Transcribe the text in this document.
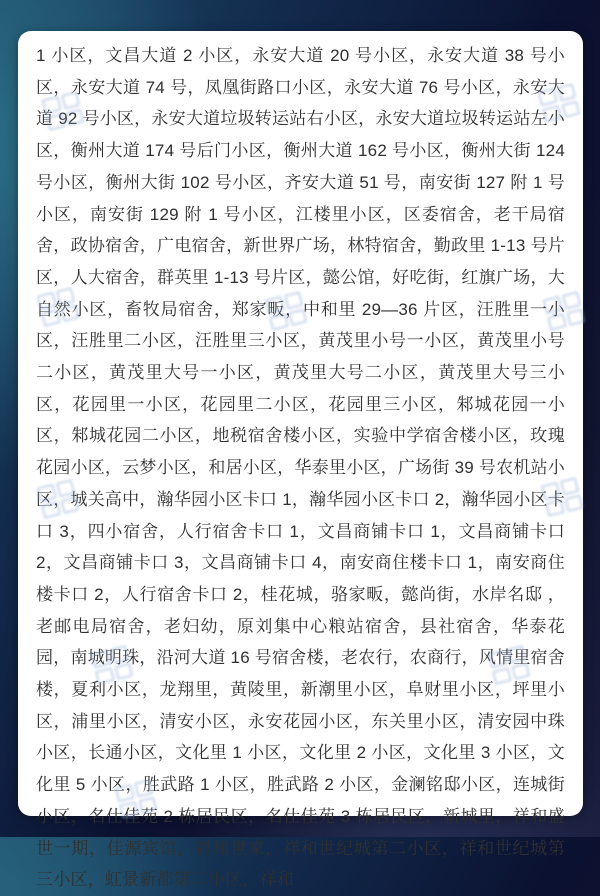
1 小区，文昌大道 2 小区，永安大道 20 号小区，永安大道 38 号小区，永安大道 74 号，凤凰街路口小区，永安大道 76 号小区，永安大道 92 号小区，永安大道垃圾转运站右小区，永安大道垃圾转运站左小区，衡州大道 174 号后门小区，衡州大道 162 号小区，衡州大街 124 号小区，衡州大街 102 号小区，齐安大道 51 号，南安街 127 附 1 号小区，南安街 129 附 1 号小区，江楼里小区，区委宿舍，老干局宿舍，政协宿舍，广电宿舍，新世界广场，林特宿舍，勤政里 1-13 号片区，人大宿舍，群英里 1-13 号片区，懿公馆，好吃街，红旗广场，大自然小区，畜牧局宿舍，郑家畈，中和里 29—36 片区，汪胜里一小区，汪胜里二小区，汪胜里三小区，黄茂里小号一小区，黄茂里小号二小区，黄茂里大号一小区，黄茂里大号二小区，黄茂里大号三小区，花园里一小区，花园里二小区，花园里三小区，邾城花园一小区，邾城花园二小区，地税宿舍楼小区，实验中学宿舍楼小区，玫瑰花园小区，云梦小区，和居小区，华泰里小区，广场街 39 号农机站小区，城关高中，瀚华园小区卡口 1，瀚华园小区卡口 2，瀚华园小区卡口 3，四小宿舍，人行宿舍卡口 1，文昌商铺卡口 1，文昌商铺卡口 2，文昌商铺卡口 3，文昌商铺卡口 4，南安商住楼卡口 1，南安商住楼卡口 2，人行宿舍卡口 2，桂花城，骆家畈，懿尚街，水岸名邸 ，老邮电局宿舍，老妇幼，原刘集中心粮站宿舍，县社宿舍，华泰花园，南城明珠，沿河大道 16 号宿舍楼，老农行，农商行，风情里宿舍楼，夏利小区，龙翔里，黄陵里，新潮里小区，阜财里小区，坪里小区，浦里小区，清安小区，永安花园小区，东关里小区，清安园中珠小区，长通小区，文化里 1 小区，文化里 2 小区，文化里 3 小区，文化里 5 小区，胜武路 1 小区，胜武路 2 小区，金澜铭邸小区，连城街小区，名仕佳苑 2 栋居民区，名仕佳苑 3 栋居民区，新城里，祥和盛世一期，佳源宾馆，祥和世家，祥和世纪城第二小区，祥和世纪城第三小区，虹景新都第二小区，祥和
